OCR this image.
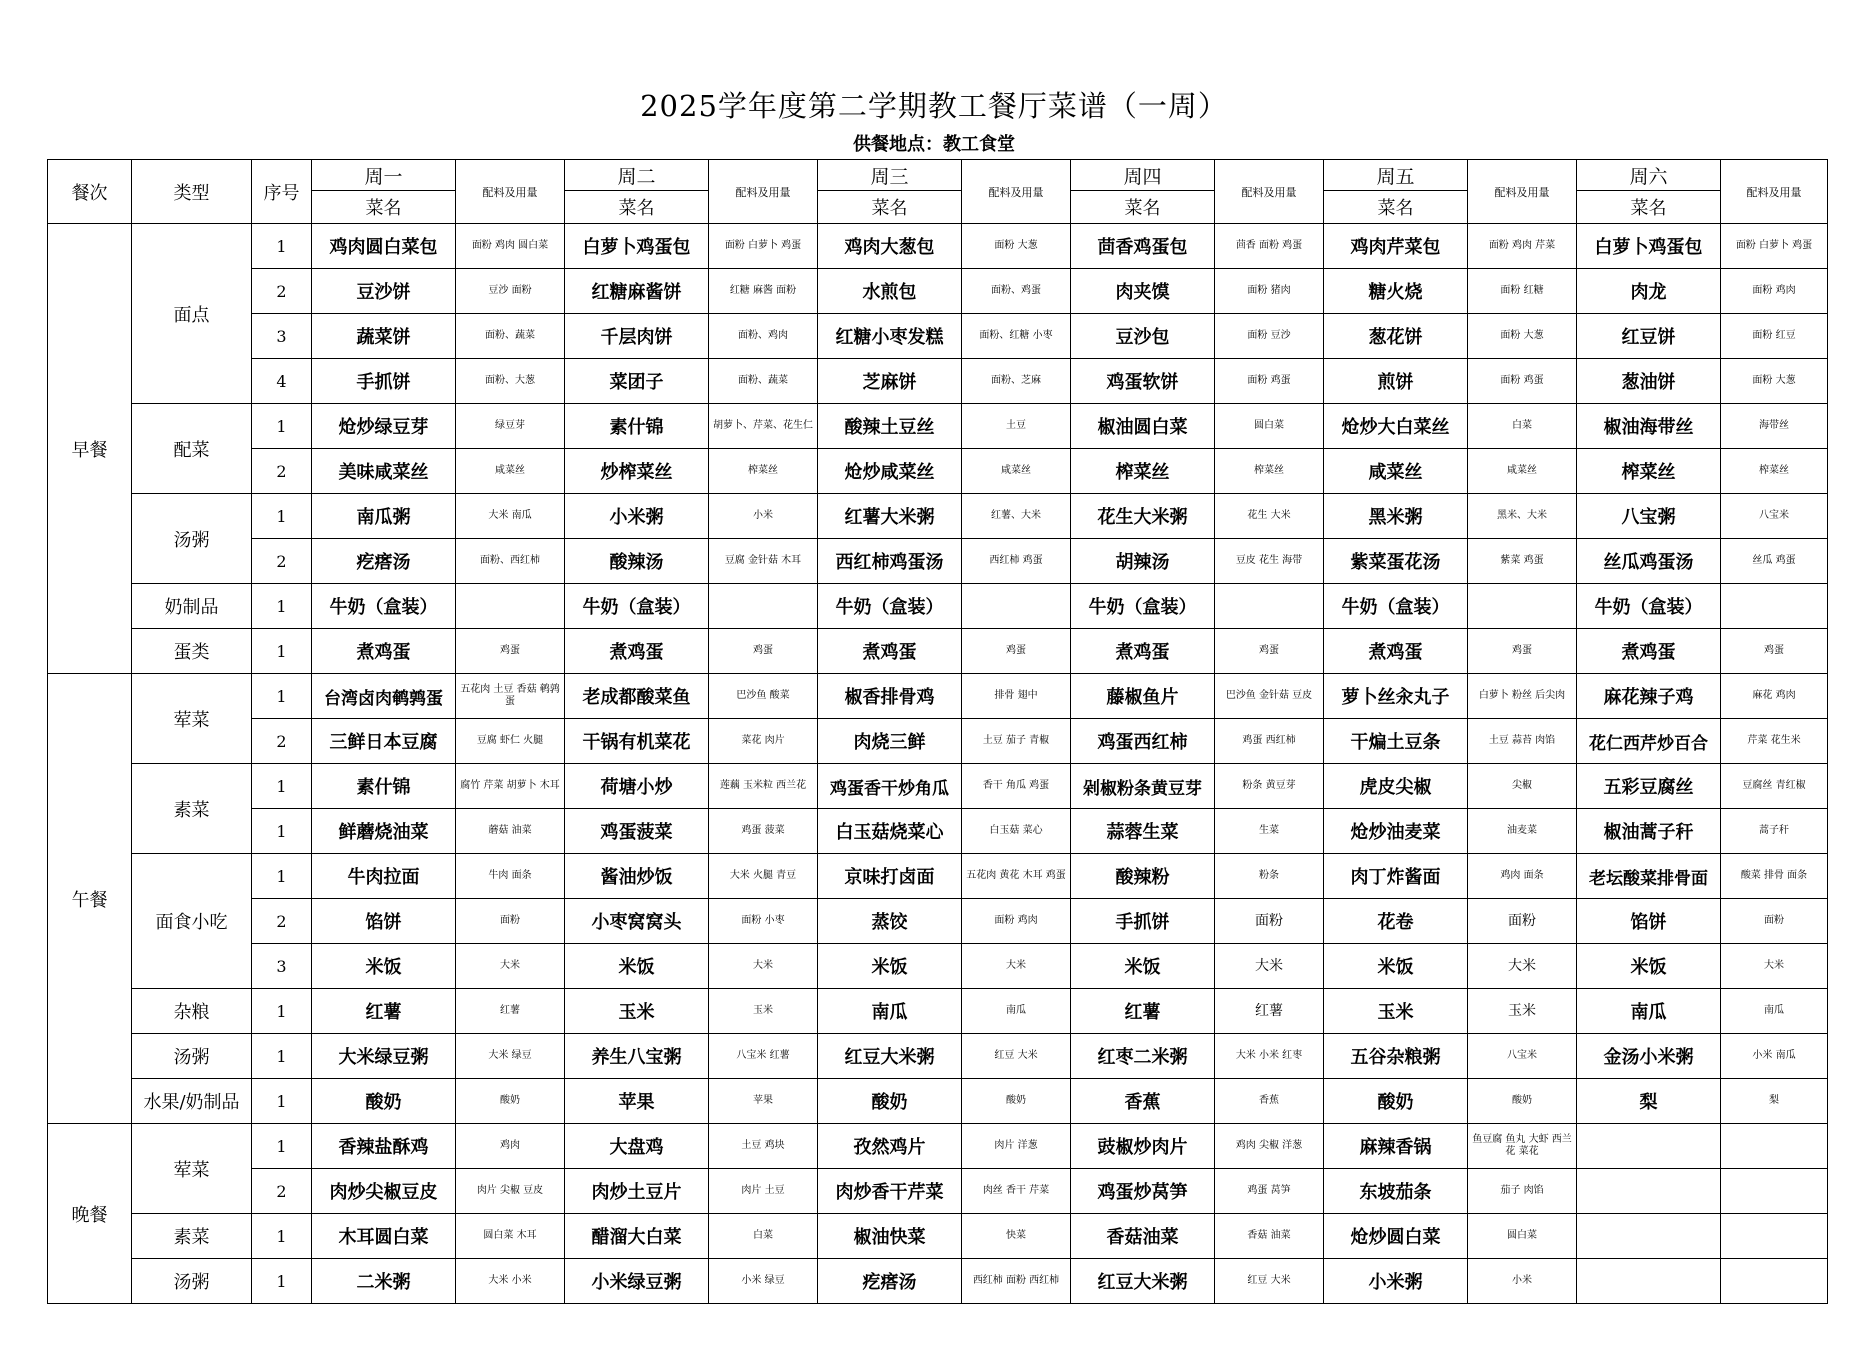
2025学年度第二学期教工餐厅菜谱（一周）
供餐地点：教工食堂
餐次	类型	序号	周一	配料及用量	周二	配料及用量	周三	配料及用量	周四	配料及用量	周五	配料及用量	周六	配料及用量
			菜名		菜名		菜名		菜名		菜名		菜名	
早餐	面点	1	鸡肉圆白菜包	面粉 鸡肉 圆白菜	白萝卜鸡蛋包	面粉 白萝卜 鸡蛋	鸡肉大葱包	面粉 大葱	茴香鸡蛋包	茴香 面粉 鸡蛋	鸡肉芹菜包	面粉 鸡肉 芹菜	白萝卜鸡蛋包	面粉 白萝卜 鸡蛋
		2	豆沙饼	豆沙 面粉	红糖麻酱饼	红糖 麻酱 面粉	水煎包	面粉、鸡蛋	肉夹馍	面粉 猪肉	糖火烧	面粉 红糖	肉龙	面粉 鸡肉
		3	蔬菜饼	面粉、蔬菜	千层肉饼	面粉、鸡肉	红糖小枣发糕	面粉、红糖 小枣	豆沙包	面粉 豆沙	葱花饼	面粉 大葱	红豆饼	面粉 红豆
		4	手抓饼	面粉、大葱	菜团子	面粉、蔬菜	芝麻饼	面粉、芝麻	鸡蛋软饼	面粉 鸡蛋	煎饼	面粉 鸡蛋	葱油饼	面粉 大葱
	配菜	1	炝炒绿豆芽	绿豆芽	素什锦	胡萝卜、芹菜、花生仁	酸辣土豆丝	土豆	椒油圆白菜	圆白菜	炝炒大白菜丝	白菜	椒油海带丝	海带丝
		2	美味咸菜丝	咸菜丝	炒榨菜丝	榨菜丝	炝炒咸菜丝	咸菜丝	榨菜丝	榨菜丝	咸菜丝	咸菜丝	榨菜丝	榨菜丝
	汤粥	1	南瓜粥	大米 南瓜	小米粥	小米	红薯大米粥	红薯、大米	花生大米粥	花生 大米	黑米粥	黑米、大米	八宝粥	八宝米
		2	疙瘩汤	面粉、西红柿	酸辣汤	豆腐 金针菇 木耳	西红柿鸡蛋汤	西红柿 鸡蛋	胡辣汤	豆皮 花生 海带	紫菜蛋花汤	紫菜 鸡蛋	丝瓜鸡蛋汤	丝瓜 鸡蛋
	奶制品	1	牛奶（盒装）		牛奶（盒装）		牛奶（盒装）		牛奶（盒装）		牛奶（盒装）		牛奶（盒装）	
	蛋类	1	煮鸡蛋	鸡蛋	煮鸡蛋	鸡蛋	煮鸡蛋	鸡蛋	煮鸡蛋	鸡蛋	煮鸡蛋	鸡蛋	煮鸡蛋	鸡蛋
午餐	荤菜	1	台湾卤肉鹌鹑蛋	五花肉 土豆 香菇 鹌鹑蛋	老成都酸菜鱼	巴沙鱼 酸菜	椒香排骨鸡	排骨 翅中	藤椒鱼片	巴沙鱼 金针菇 豆皮	萝卜丝汆丸子	白萝卜 粉丝 后尖肉	麻花辣子鸡	麻花 鸡肉
		2	三鲜日本豆腐	豆腐 虾仁 火腿	干锅有机菜花	菜花 肉片	肉烧三鲜	土豆 茄子 青椒	鸡蛋西红柿	鸡蛋 西红柿	干煸土豆条	土豆 蒜苔 肉馅	花仁西芹炒百合	芹菜 花生米
	素菜	1	素什锦	腐竹 芹菜 胡萝卜 木耳	荷塘小炒	莲藕 玉米粒 西兰花	鸡蛋香干炒角瓜	香干 角瓜 鸡蛋	剁椒粉条黄豆芽	粉条 黄豆芽	虎皮尖椒	尖椒	五彩豆腐丝	豆腐丝 青红椒
		1	鲜蘑烧油菜	蘑菇 油菜	鸡蛋菠菜	鸡蛋 菠菜	白玉菇烧菜心	白玉菇 菜心	蒜蓉生菜	生菜	炝炒油麦菜	油麦菜	椒油蒿子秆	蒿子秆
	面食小吃	1	牛肉拉面	牛肉 面条	酱油炒饭	大米 火腿 青豆	京味打卤面	五花肉 黄花 木耳 鸡蛋	酸辣粉	粉条	肉丁炸酱面	鸡肉 面条	老坛酸菜排骨面	酸菜 排骨 面条
		2	馅饼	面粉	小枣窝窝头	面粉 小枣	蒸饺	面粉 鸡肉	手抓饼	面粉	花卷	面粉	馅饼	面粉
		3	米饭	大米	米饭	大米	米饭	大米	米饭	大米	米饭	大米	米饭	大米
	杂粮	1	红薯	红薯	玉米	玉米	南瓜	南瓜	红薯	红薯	玉米	玉米	南瓜	南瓜
	汤粥	1	大米绿豆粥	大米 绿豆	养生八宝粥	八宝米 红薯	红豆大米粥	红豆 大米	红枣二米粥	大米 小米 红枣	五谷杂粮粥	八宝米	金汤小米粥	小米 南瓜
	水果/奶制品	1	酸奶	酸奶	苹果	苹果	酸奶	酸奶	香蕉	香蕉	酸奶	酸奶	梨	梨
晚餐	荤菜	1	香辣盐酥鸡	鸡肉	大盘鸡	土豆 鸡块	孜然鸡片	肉片 洋葱	豉椒炒肉片	鸡肉 尖椒 洋葱	麻辣香锅	鱼豆腐 鱼丸 大虾 西兰花 菜花		
		2	肉炒尖椒豆皮	肉片 尖椒 豆皮	肉炒土豆片	肉片 土豆	肉炒香干芹菜	肉丝 香干 芹菜	鸡蛋炒莴笋	鸡蛋 莴笋	东坡茄条	茄子 肉馅		
	素菜	1	木耳圆白菜	圆白菜 木耳	醋溜大白菜	白菜	椒油快菜	快菜	香菇油菜	香菇 油菜	炝炒圆白菜	圆白菜		
	汤粥	1	二米粥	大米 小米	小米绿豆粥	小米 绿豆	疙瘩汤	西红柿 面粉 西红柿	红豆大米粥	红豆 大米	小米粥	小米		
